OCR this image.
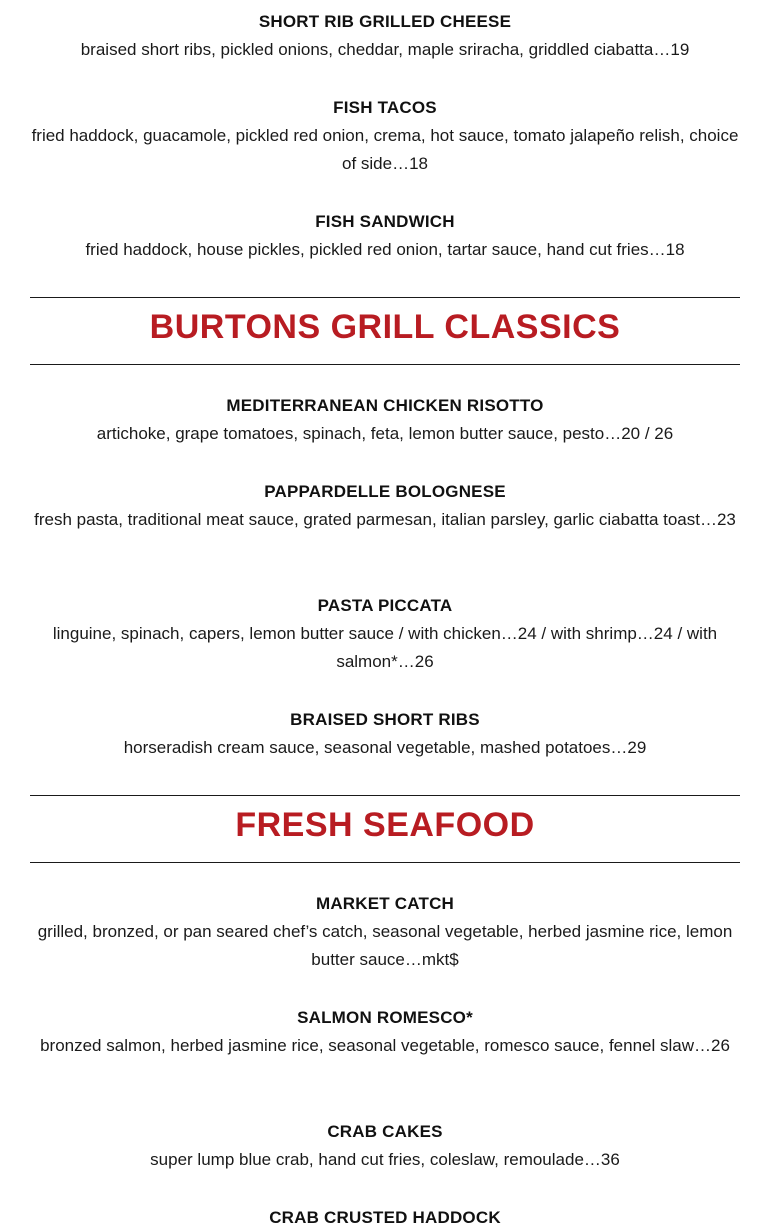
SHORT RIB GRILLED CHEESE
braised short ribs, pickled onions, cheddar, maple sriracha, griddled ciabatta…19
FISH TACOS
fried haddock, guacamole, pickled red onion, crema, hot sauce, tomato jalapeño relish, choice of side…18
FISH SANDWICH
fried haddock, house pickles, pickled red onion, tartar sauce, hand cut fries…18
BURTONS GRILL CLASSICS
MEDITERRANEAN CHICKEN RISOTTO
artichoke, grape tomatoes, spinach, feta, lemon butter sauce, pesto…20 / 26
PAPPARDELLE BOLOGNESE
fresh pasta, traditional meat sauce, grated parmesan, italian parsley, garlic ciabatta toast…23
PASTA PICCATA
linguine, spinach, capers, lemon butter sauce / with chicken…24 / with shrimp…24 / with salmon*…26
BRAISED SHORT RIBS
horseradish cream sauce, seasonal vegetable, mashed potatoes…29
FRESH SEAFOOD
MARKET CATCH
grilled, bronzed, or pan seared chef’s catch, seasonal vegetable, herbed jasmine rice, lemon butter sauce…mkt$
SALMON ROMESCO*
bronzed salmon, herbed jasmine rice, seasonal vegetable, romesco sauce, fennel slaw…26
CRAB CAKES
super lump blue crab, hand cut fries, coleslaw, remoulade…36
CRAB CRUSTED HADDOCK
